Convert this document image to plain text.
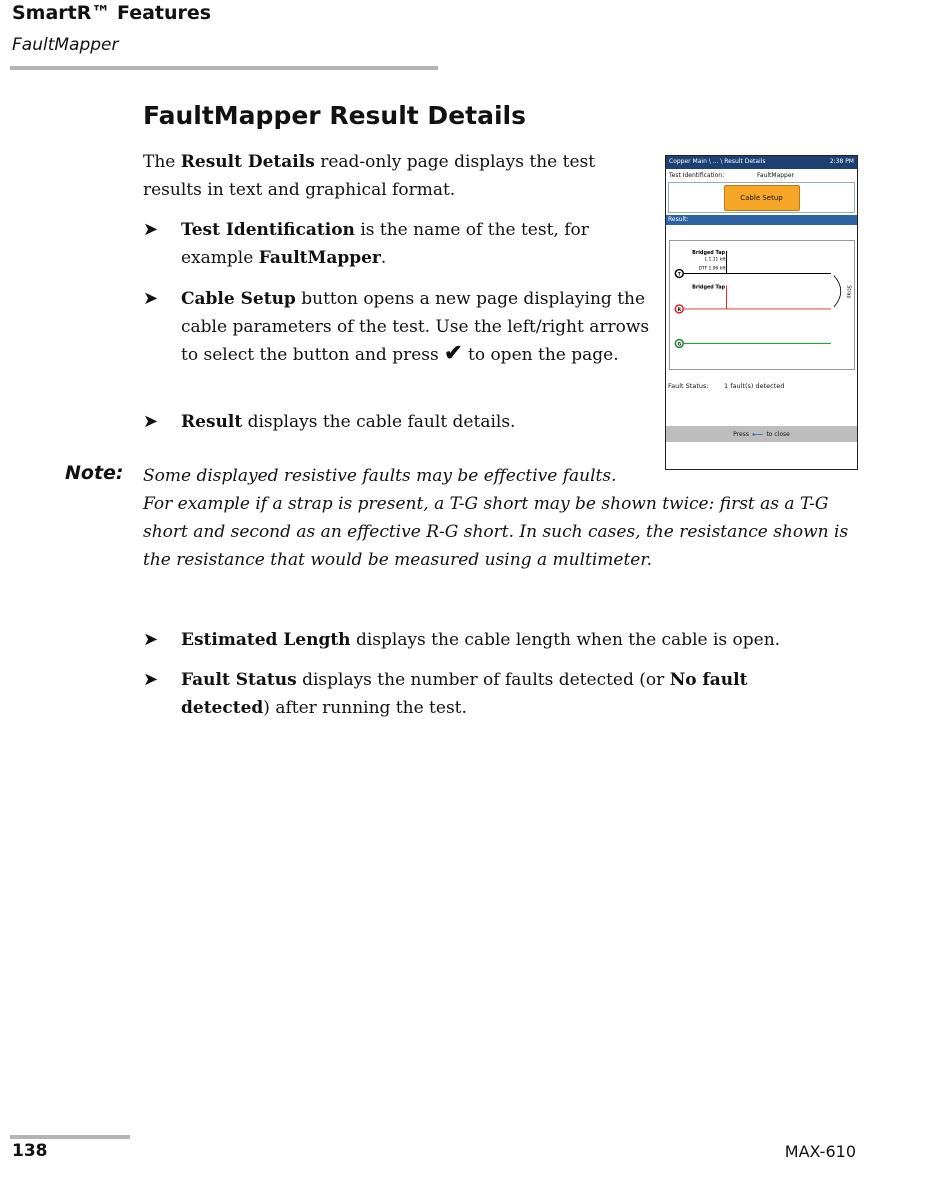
SmartR™ Features
FaultMapper
FaultMapper Result Details
The Result Details read-only page displays the test results in text and graphical format.
➤ Test Identification is the name of the test, for example FaultMapper.
➤ Cable Setup button opens a new page displaying the cable parameters of the test. Use the left/right arrows to select the button and press ✔ to open the page.
➤ Result displays the cable fault details.
Note: Some displayed resistive faults may be effective faults.
For example if a strap is present, a T-G short may be shown twice: first as a T-G short and second as an effective R-G short. In such cases, the resistance shown is the resistance that would be measured using a multimeter.
➤ Estimated Length displays the cable length when the cable is open.
➤ Fault Status displays the number of faults detected (or No fault detected) after running the test.
Copper Main \ ... \ Result Details	2:38 PM
Test Identification:	FaultMapper
Cable Setup
Result:
Bridged Tap
L 1.11 kft
DTF 1.96 kft
Bridged Tap	Strap
T
R
G
Fault Status:	1 fault(s) detected
Press ⟵ to close
138	MAX-610
